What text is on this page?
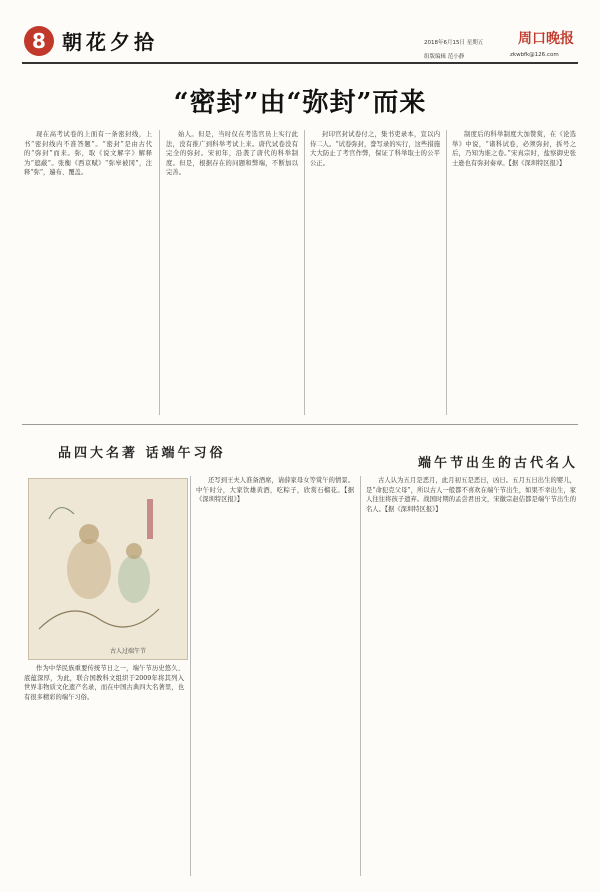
8 朝花夕拾	2018年6月15日 星期五
组版编辑 范小静
周口晚报
zkwbfk@126.com
“密封”由“弥封”而来

现在高考试卷的上面有一条密封线，上书“密封线内不准答题”。“密封”是由古代的“弥封”而来。弥，取《说文解字》解释为“遮蔽”。张衡《西京赋》“弥皋被冈”，注释“弥”，遍布、覆盖。

始人。但是，当时仅在考选官员上实行此法，没有推广到科举考试上来。唐代试卷没有完全的弥封。宋初年，沿袭了唐代的科举制度。但是，根据存在的问题和弊端，不断加以完善。

封印官封试卷付之，集书吏录本，宣以内侍二人。“试卷弥封，誊写录的实行，这些措施大大防止了考官作弊，保证了科举取士的公平公正。

制度后的科举制度大加赞赏，在《论选举》中说，“诸科试卷，必须弥封，拆号之后，乃知为谁之卷。”宋真宗时，盐察御史张士逊也有弥封奏章。【据《深圳特区报》】

品四大名著 话端午习俗
端午节出生的古代名人
古人过端午节

作为中华民族重要传统节日之一，端午节历史悠久、底蕴深厚，为此，联合国教科文组织于2009年将其列入世界非物质文化遗产名录，而在中国古典四大名著里，也有很多精彩的端午习俗。

还写到王夫人准备酒席，请薛家母女等赏午的情景。中午时分，大家饮雄黄酒，吃粽子，欣赏石榴花。【据《深圳特区报》】

古人认为五月是恶月，此月初五是恶日，凶日。五月五日出生的婴儿，是“命犯克父母”，所以古人一般都不喜欢在端午节出生，如果不幸出生，家人往往将孩子遗弃。战国时期的孟尝君田文，宋徽宗赵佶都是端午节出生的名人。【据《深圳特区报》】
